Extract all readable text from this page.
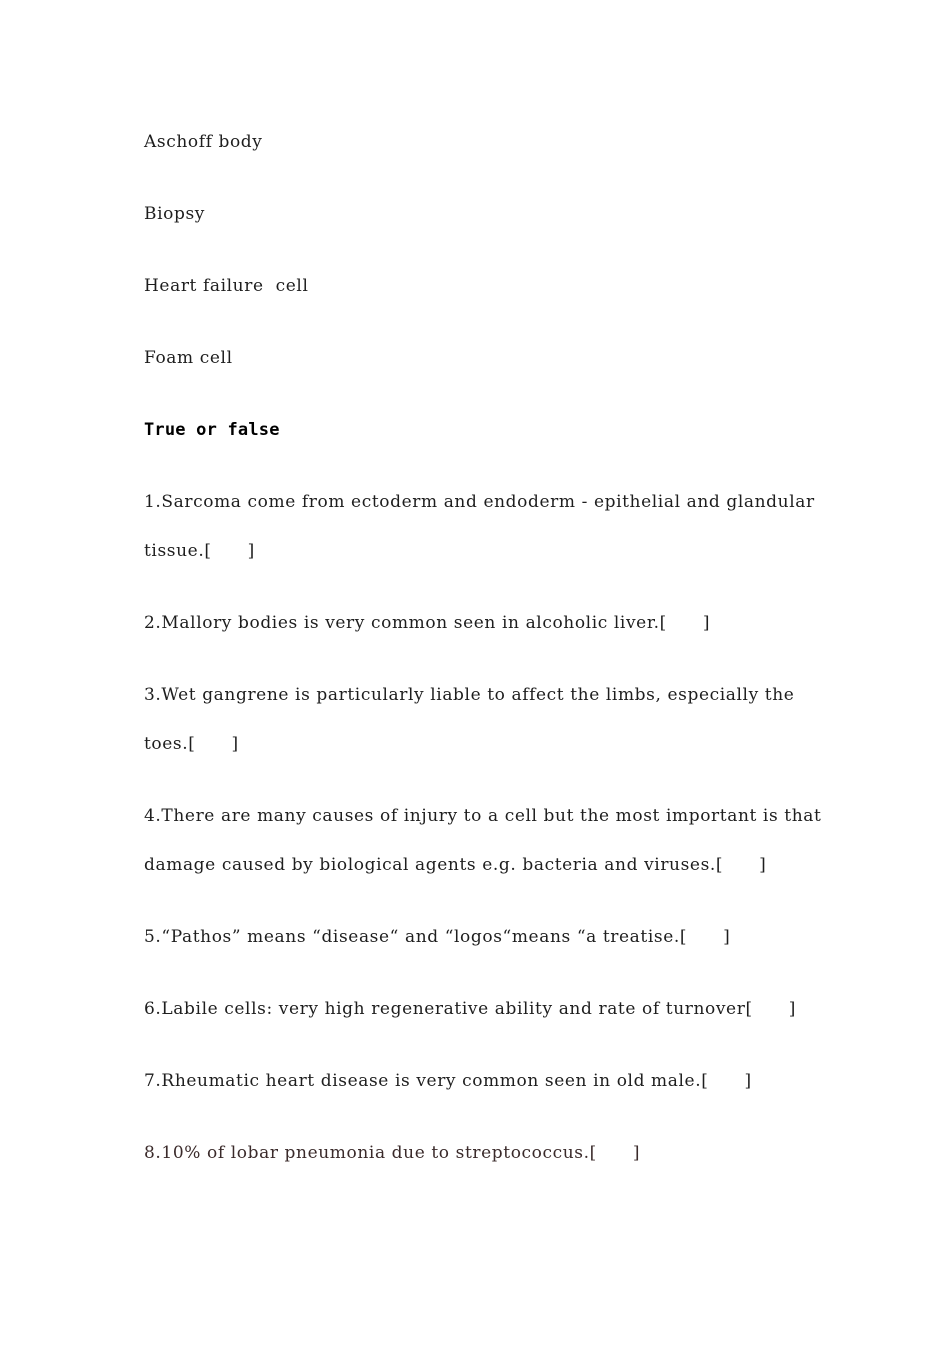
Aschoff body
Biopsy
Heart failure  cell
Foam cell
True or false
1.Sarcoma come from ectoderm and endoderm - epithelial and glandular tissue.[      ]
2.Mallory bodies is very common seen in alcoholic liver.[      ]
3.Wet gangrene is particularly liable to affect the limbs, especially the toes.[      ]
4.There are many causes of injury to a cell but the most important is that damage caused by biological agents e.g. bacteria and viruses.[      ]
5.“Pathos” means “disease“ and “logos“means “a treatise.[      ]
6.Labile cells: very high regenerative ability and rate of turnover[      ]
7.Rheumatic heart disease is very common seen in old male.[      ]
8.10% of lobar pneumonia due to streptococcus.[      ]
